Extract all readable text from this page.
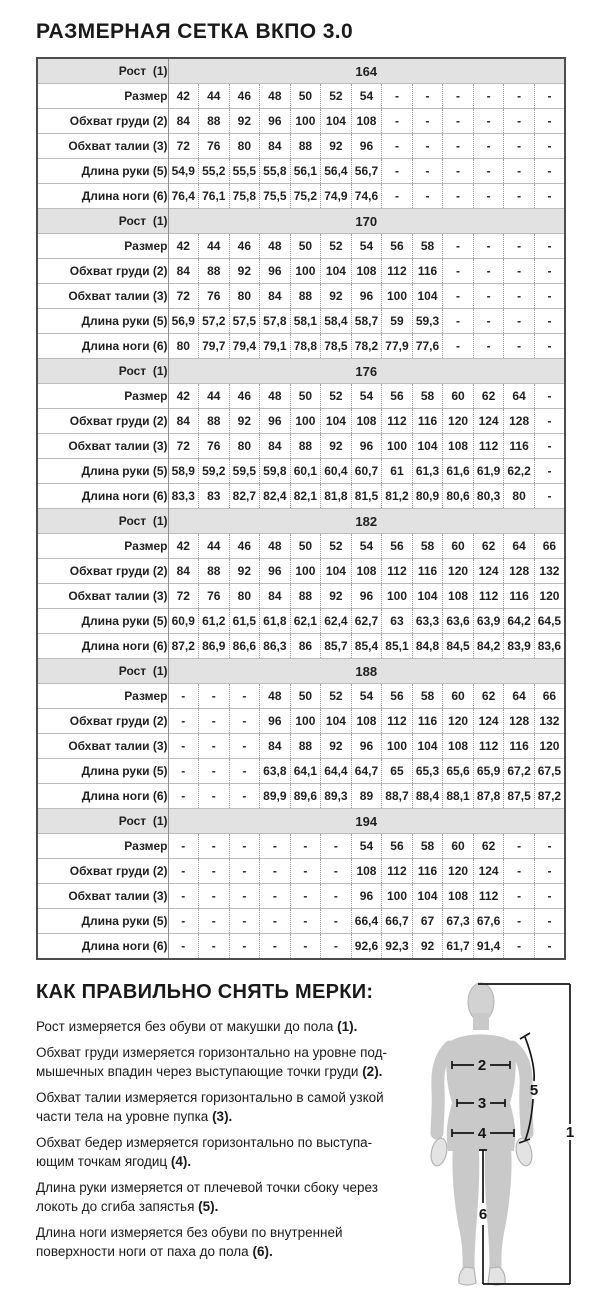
РАЗМЕРНАЯ СЕТКА ВКПО 3.0
Рост  (1)	164												
Размер	42	44	46	48	50	52	54	-	-	-	-	-	-
Обхват груди (2)	84	88	92	96	100	104	108	-	-	-	-	-	-
Обхват талии (3)	72	76	80	84	88	92	96	-	-	-	-	-	-
Длина руки (5)	54,9	55,2	55,5	55,8	56,1	56,4	56,7	-	-	-	-	-	-
Длина ноги (6)	76,4	76,1	75,8	75,5	75,2	74,9	74,6	-	-	-	-	-	-
Рост  (1)	170												
Размер	42	44	46	48	50	52	54	56	58	-	-	-	-
Обхват груди (2)	84	88	92	96	100	104	108	112	116	-	-	-	-
Обхват талии (3)	72	76	80	84	88	92	96	100	104	-	-	-	-
Длина руки (5)	56,9	57,2	57,5	57,8	58,1	58,4	58,7	59	59,3	-	-	-	-
Длина ноги (6)	80	79,7	79,4	79,1	78,8	78,5	78,2	77,9	77,6	-	-	-	-
Рост  (1)	176												
Размер	42	44	46	48	50	52	54	56	58	60	62	64	-
Обхват груди (2)	84	88	92	96	100	104	108	112	116	120	124	128	-
Обхват талии (3)	72	76	80	84	88	92	96	100	104	108	112	116	-
Длина руки (5)	58,9	59,2	59,5	59,8	60,1	60,4	60,7	61	61,3	61,6	61,9	62,2	-
Длина ноги (6)	83,3	83	82,7	82,4	82,1	81,8	81,5	81,2	80,9	80,6	80,3	80	-
Рост  (1)	182												
Размер	42	44	46	48	50	52	54	56	58	60	62	64	66
Обхват груди (2)	84	88	92	96	100	104	108	112	116	120	124	128	132
Обхват талии (3)	72	76	80	84	88	92	96	100	104	108	112	116	120
Длина руки (5)	60,9	61,2	61,5	61,8	62,1	62,4	62,7	63	63,3	63,6	63,9	64,2	64,5
Длина ноги (6)	87,2	86,9	86,6	86,3	86	85,7	85,4	85,1	84,8	84,5	84,2	83,9	83,6
Рост  (1)	188												
Размер	-	-	-	48	50	52	54	56	58	60	62	64	66
Обхват груди (2)	-	-	-	96	100	104	108	112	116	120	124	128	132
Обхват талии (3)	-	-	-	84	88	92	96	100	104	108	112	116	120
Длина руки (5)	-	-	-	63,8	64,1	64,4	64,7	65	65,3	65,6	65,9	67,2	67,5
Длина ноги (6)	-	-	-	89,9	89,6	89,3	89	88,7	88,4	88,1	87,8	87,5	87,2
Рост  (1)	194												
Размер	-	-	-	-	-	-	54	56	58	60	62	-	-
Обхват груди (2)	-	-	-	-	-	-	108	112	116	120	124	-	-
Обхват талии (3)	-	-	-	-	-	-	96	100	104	108	112	-	-
Длина руки (5)	-	-	-	-	-	-	66,4	66,7	67	67,3	67,6	-	-
Длина ноги (6)	-	-	-	-	-	-	92,6	92,3	92	61,7	91,4	-	-
КАК ПРАВИЛЬНО СНЯТЬ МЕРКИ:
Рост измеряется без обуви от макушки до пола (1).
Обхват груди измеряется горизонтально на уровне под-
мышечных впадин через выступающие точки груди (2).
Обхват талии измеряется горизонтально в самой узкой
части тела на уровне пупка (3).
Обхват бедер измеряется горизонтально по выступа-
ющим точкам ягодиц (4).
Длина руки измеряется от плечевой точки сбоку через
локоть до сгиба запястья (5).
Длина ноги измеряется без обуви по внутренней
поверхности ноги от паха до пола (6).
2
3
4
5
1
6
